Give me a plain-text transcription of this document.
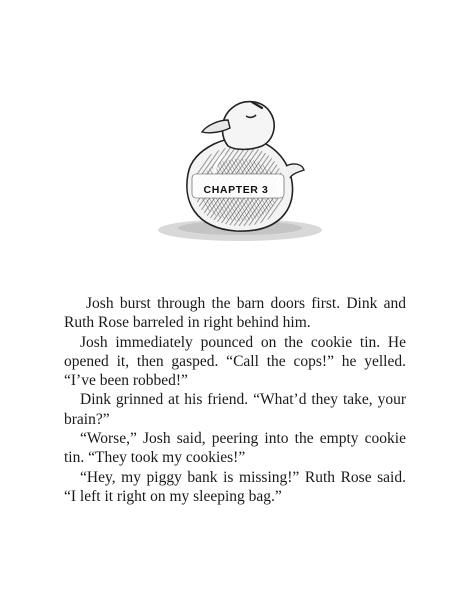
CHAPTER 3

Josh burst through the barn doors first. Dink and Ruth Rose barreled in right behind him.

Josh immediately pounced on the cookie tin. He opened it, then gasped. “Call the cops!” he yelled. “I’ve been robbed!”

Dink grinned at his friend. “What’d they take, your brain?”

“Worse,” Josh said, peering into the empty cookie tin. “They took my cookies!”

“Hey, my piggy bank is missing!” Ruth Rose said. “I left it right on my sleeping bag.”
